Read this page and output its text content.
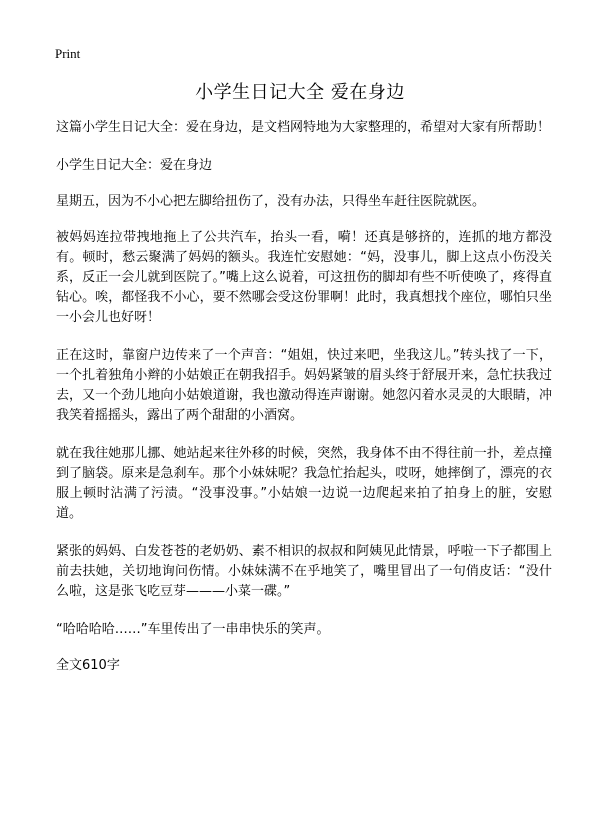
Print
小学生日记大全 爱在身边

这篇小学生日记大全：爱在身边，是文档网特地为大家整理的，希望对大家有所帮助！

小学生日记大全：爱在身边

星期五，因为不小心把左脚给扭伤了，没有办法，只得坐车赶往医院就医。

被妈妈连拉带拽地拖上了公共汽车，抬头一看，嗬！还真是够挤的，连抓的地方都没有。顿时，愁云聚满了妈妈的额头。我连忙安慰她：“妈，没事儿，脚上这点小伤没关系，反正一会儿就到医院了。”嘴上这么说着，可这扭伤的脚却有些不听使唤了，疼得直钻心。唉，都怪我不小心，要不然哪会受这份罪啊！此时，我真想找个座位，哪怕只坐一小会儿也好呀！

正在这时，靠窗户边传来了一个声音：“姐姐，快过来吧，坐我这儿。”转头找了一下，一个扎着独角小辫的小姑娘正在朝我招手。妈妈紧皱的眉头终于舒展开来，急忙扶我过去，又一个劲儿地向小姑娘道谢，我也激动得连声谢谢。她忽闪着水灵灵的大眼睛，冲我笑着摇摇头，露出了两个甜甜的小酒窝。

就在我往她那儿挪、她站起来往外移的时候，突然，我身体不由不得往前一扑，差点撞到了脑袋。原来是急刹车。那个小妹妹呢？我急忙抬起头，哎呀，她摔倒了，漂亮的衣服上顿时沾满了污渍。“没事没事。”小姑娘一边说一边爬起来拍了拍身上的脏，安慰道。

紧张的妈妈、白发苍苍的老奶奶、素不相识的叔叔和阿姨见此情景，呼啦一下子都围上前去扶她，关切地询问伤情。小妹妹满不在乎地笑了，嘴里冒出了一句俏皮话：“没什么啦，这是张飞吃豆芽———小菜一碟。”

“哈哈哈哈……”车里传出了一串串快乐的笑声。

全文610字
